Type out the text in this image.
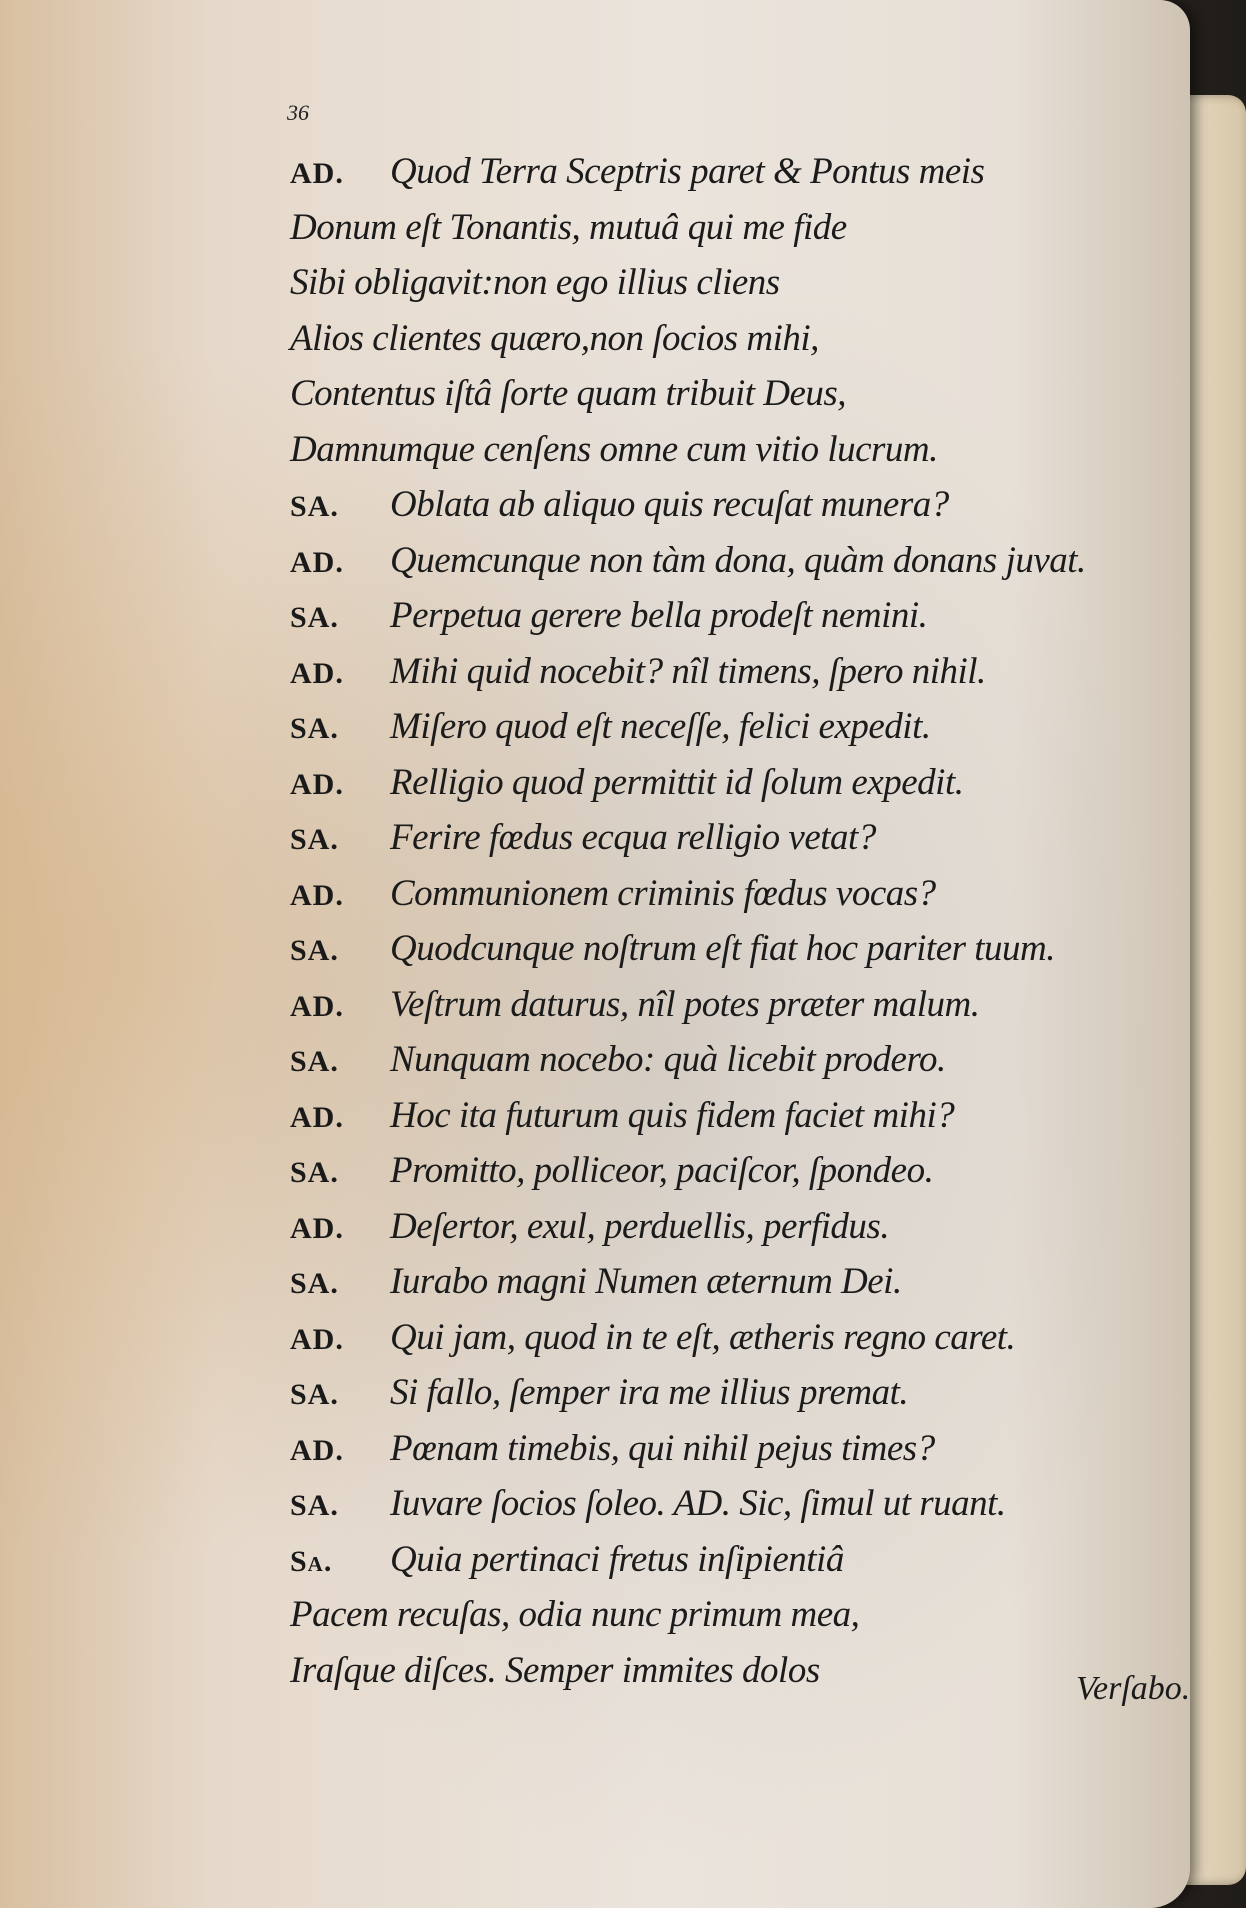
36
AD.	Quod Terra Sceptris paret & Pontus meis
Donum eſt Tonantis, mutuâ qui me fide
Sibi obligavit:non ego illius cliens
Alios clientes quæro,non ſocios mihi,
Contentus iſtâ ſorte quam tribuit Deus,
Damnumque cenſens omne cum vitio lucrum.
SA.	Oblata ab aliquo quis recuſat munera?
AD.	Quemcunque non tàm dona, quàm donans juvat.
SA.	Perpetua gerere bella prodeſt nemini.
AD.	Mihi quid nocebit? nîl timens, ſpero nihil.
SA.	Miſero quod eſt neceſſe, felici expedit.
AD.	Relligio quod permittit id ſolum expedit.
SA.	Ferire fœdus ecqua relligio vetat?
AD.	Communionem criminis fœdus vocas?
SA.	Quodcunque noſtrum eſt fiat hoc pariter tuum.
AD.	Veſtrum daturus, nîl potes præter malum.
SA.	Nunquam nocebo: quà licebit prodero.
AD.	Hoc ita futurum quis fidem faciet mihi?
SA.	Promitto, polliceor, paciſcor, ſpondeo.
AD.	Deſertor, exul, perduellis, perfidus.
SA.	Iurabo magni Numen æternum Dei.
AD.	Qui jam, quod in te eſt, ætheris regno caret.
SA.	Si fallo, ſemper ira me illius premat.
AD.	Pœnam timebis, qui nihil pejus times?
SA.	Iuvare ſocios ſoleo. AD. Sic, ſimul ut ruant.
Sa.	Quia pertinaci fretus inſipientiâ
Pacem recuſas, odia nunc primum mea,
Iraſque diſces. Semper immites dolos	Verſabo.
